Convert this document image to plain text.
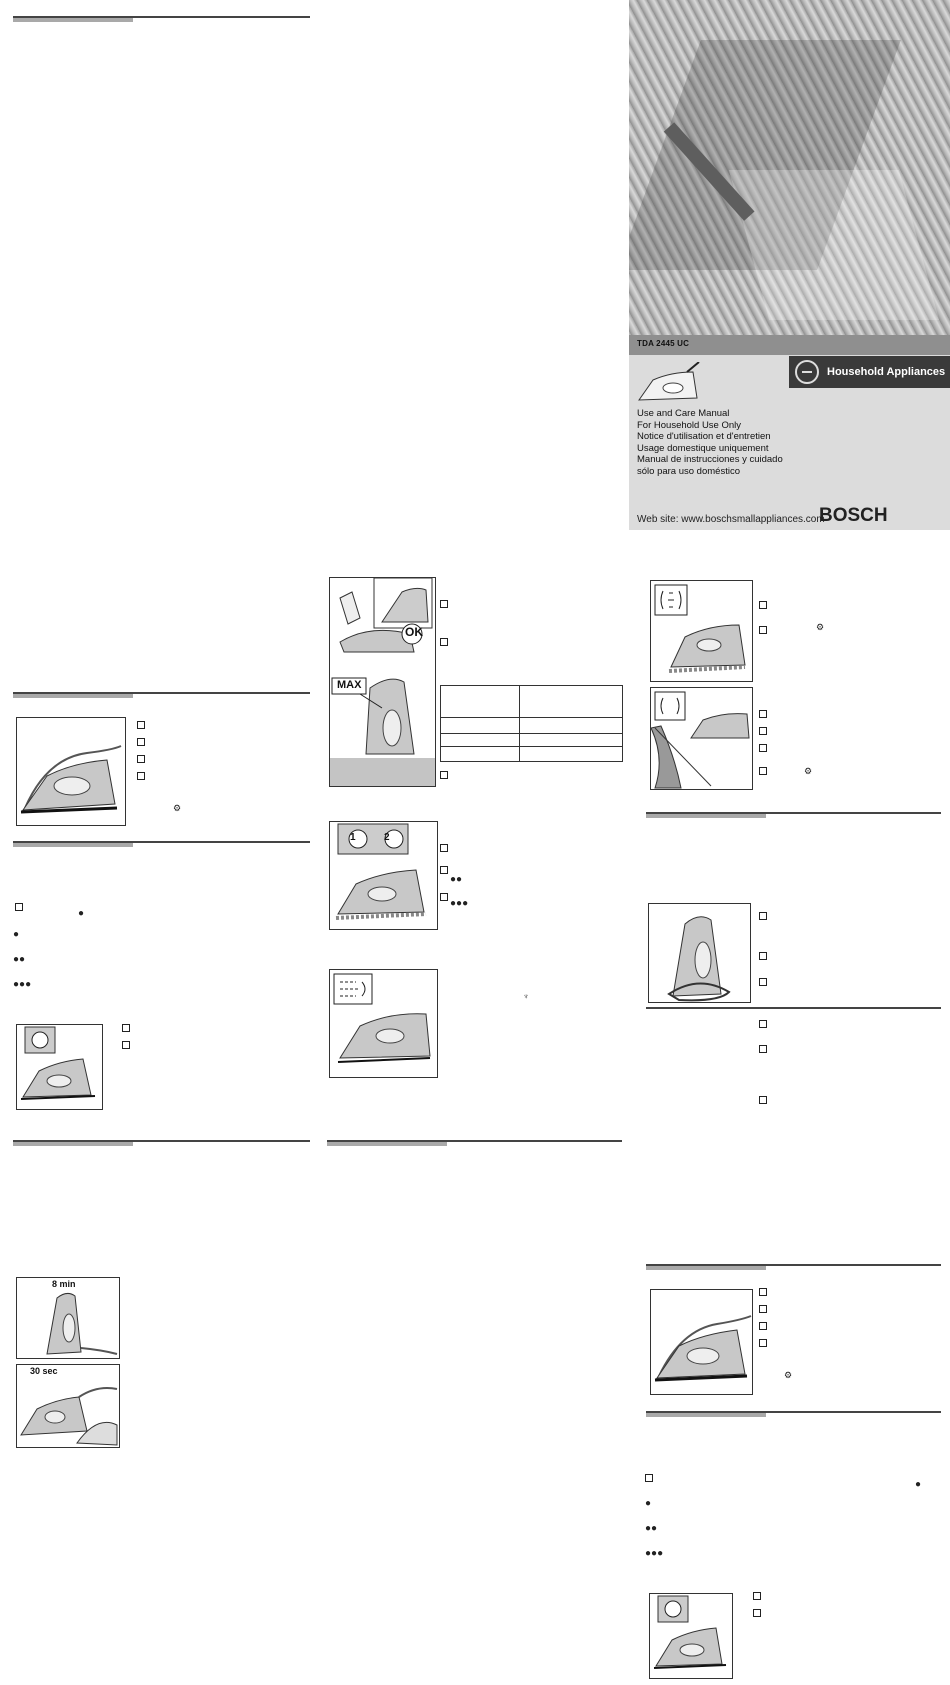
⚙
●
●
●●
●●●
8 min
30 sec
MAX
OK
1	2
●●
●●●
♆
TDA 2445 UC
Household Appliances
Use and Care Manual
For Household Use Only
Notice d'utilisation et d'entretien
Usage domestique uniquement
Manual de instrucciones y cuidado
sólo para uso doméstico
Web site: www.boschsmallappliances.com
BOSCH
⚙
⚙
⚙
●
●
●●
●●●
